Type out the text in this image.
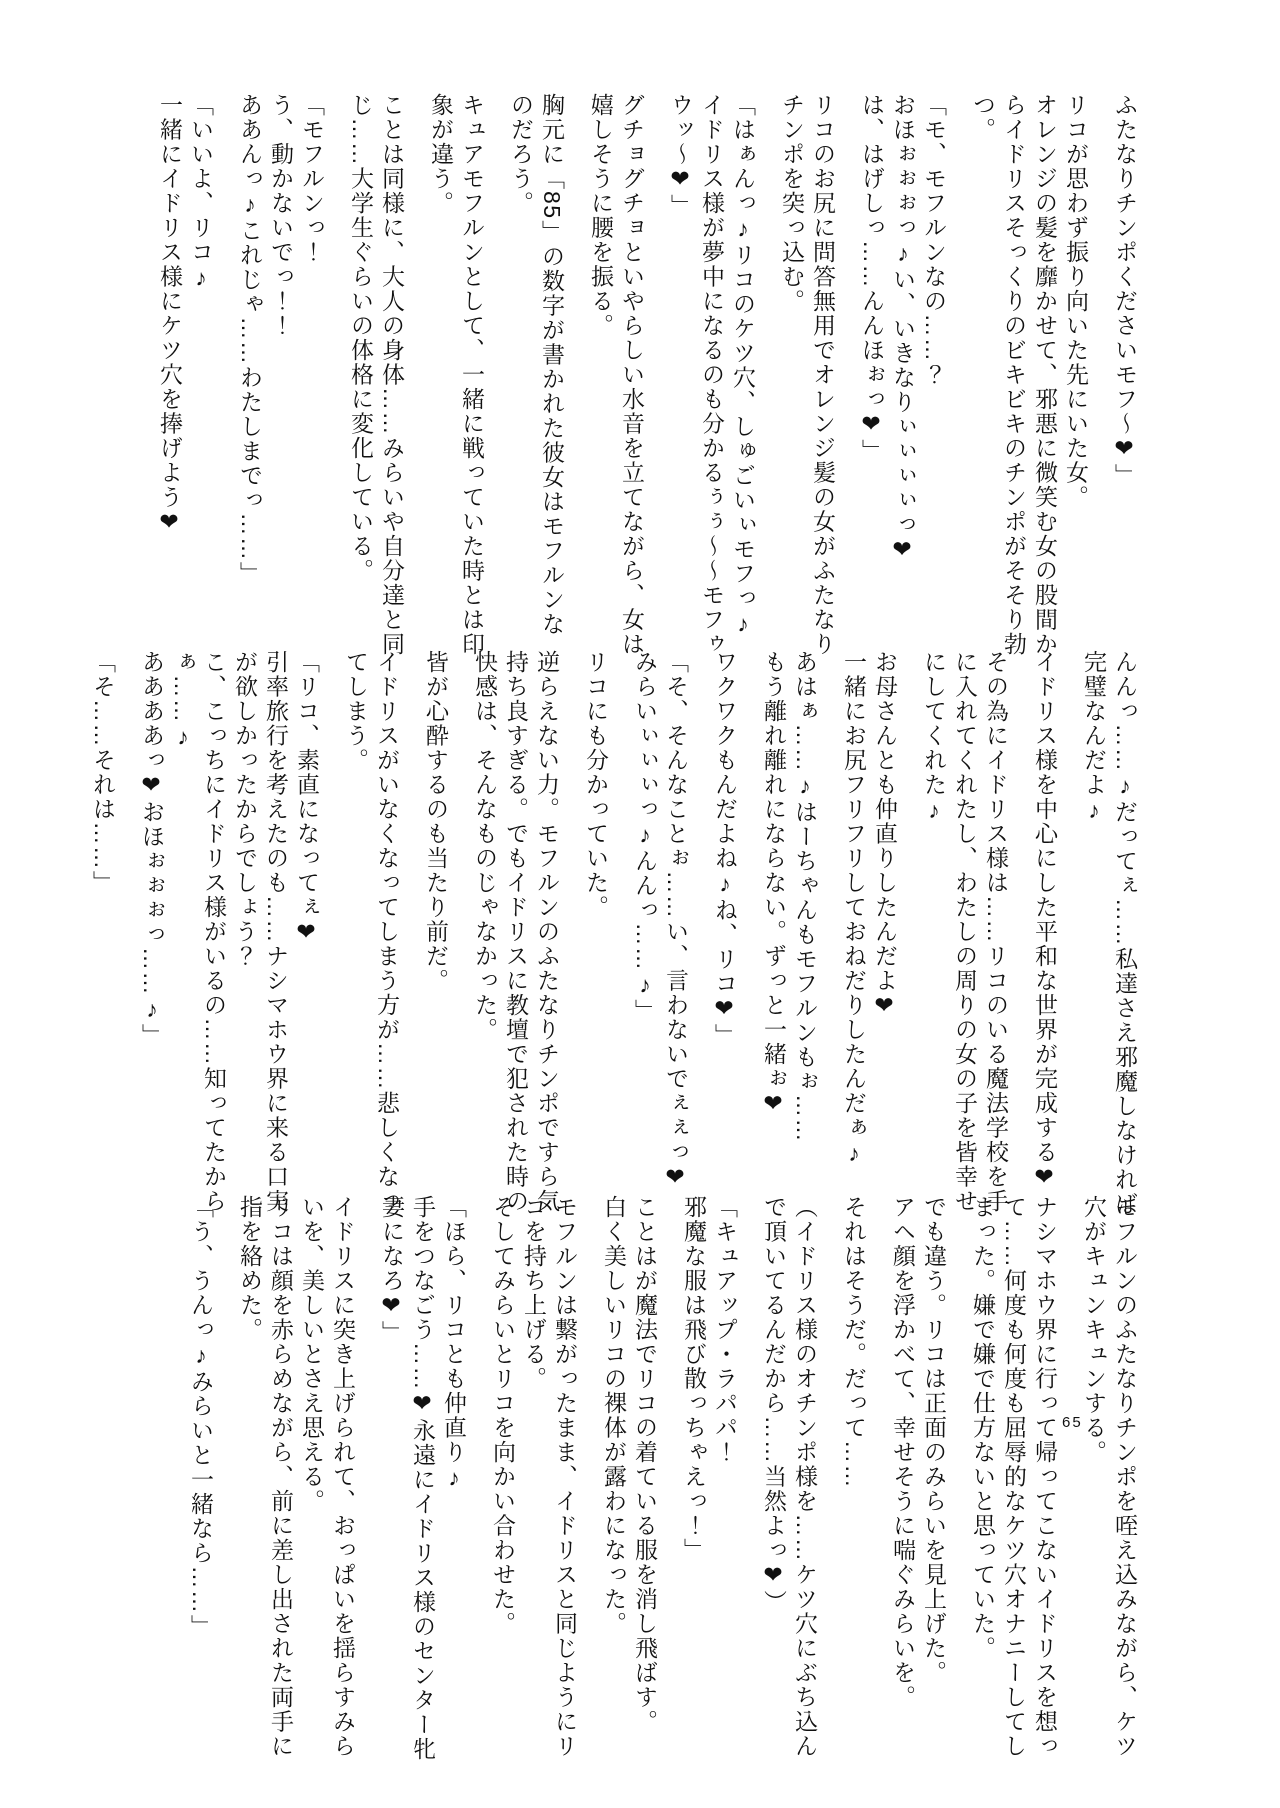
ふたなりチンポくださいモフ～❤」

リコが思わず振り向いた先にいた女。

オレンジの髪を靡かせて、邪悪に微笑む女の股間か

らイドリスそっくりのビキビキのチンポがそそり勃

つ。

「モ、モフルンなの……？

おほぉぉぉっ♪い、いきなりぃぃぃぃっ❤

は、はげしっ……んんほぉっ❤」

リコのお尻に問答無用でオレンジ髪の女がふたなり

チンポを突っ込む。

「はぁんっ♪リコのケツ穴、しゅごいぃモフっ♪

イドリス様が夢中になるのも分かるぅぅ～～モフゥ

ウッ～❤」

グチョグチョといやらしい水音を立てながら、女は

嬉しそうに腰を振る。

胸元に「85」の数字が書かれた彼女はモフルンな

のだろう。

キュアモフルンとして、一緒に戦っていた時とは印

象が違う。

ことは同様に、大人の身体……みらいや自分達と同

じ……大学生ぐらいの体格に変化している。

「モフルンっ！

う、動かないでっ！！

ああんっ♪これじゃ……わたしまでっ……」

「いいよ、リコ♪

一緒にイドリス様にケツ穴を捧げよう❤

んんっ……♪だってぇ……私達さえ邪魔しなければ

完璧なんだよ♪

イドリス様を中心にした平和な世界が完成する❤

その為にイドリス様は……リコのいる魔法学校を手

に入れてくれたし、わたしの周りの女の子を皆幸せ

にしてくれた♪

お母さんとも仲直りしたんだよ❤

一緒にお尻フリフリしておねだりしたんだぁ♪

あはぁ……♪はーちゃんもモフルンもぉ……

もう離れ離れにならない。ずっと一緒ぉ❤

ワクワクもんだよね♪ね、リコ❤」

「そ、そんなことぉ……い、言わないでぇぇっ❤

みらいぃぃぃっ♪んんっ……♪」

リコにも分かっていた。

逆らえない力。モフルンのふたなりチンポですら気

持ち良すぎる。でもイドリスに教壇で犯された時の

快感は、そんなものじゃなかった。

皆が心酔するのも当たり前だ。

イドリスがいなくなってしまう方が……悲しくなっ

てしまう。

「リコ、素直になってぇ❤

引率旅行を考えたのも……ナシマホウ界に来る口実

が欲しかったからでしょう？

こ、こっちにイドリス様がいるの……知ってたから

ぁ……♪

ああああっ❤おほぉぉぉっ……♪」

「そ……それは……」

モフルンのふたなりチンポを咥え込みながら、ケツ

穴がキュンキュンする。

ナシマホウ界に行って帰ってこないイドリスを想っ

て……何度も何度も屈辱的なケツ穴オナニーしてし

まった。嫌で嫌で仕方ないと思っていた。

でも違う。リコは正面のみらいを見上げた。

アヘ顔を浮かべて、幸せそうに喘ぐみらいを。

それはそうだ。だって……

（イドリス様のオチンポ様を……ケツ穴にぶち込ん

で頂いてるんだから……当然よっ❤）

「キュアップ・ラパパ！

邪魔な服は飛び散っちゃえっ！」

ことはが魔法でリコの着ている服を消し飛ばす。

白く美しいリコの裸体が露わになった。

モフルンは繋がったまま、イドリスと同じようにリ

コを持ち上げる。

そしてみらいとリコを向かい合わせた。

「ほら、リコとも仲直り♪

手をつなごう……❤永遠にイドリス様のセンター牝

妻になろ❤」

イドリスに突き上げられて、おっぱいを揺らすみら

いを、美しいとさえ思える。

リコは顔を赤らめながら、前に差し出された両手に

指を絡めた。

「う、うんっ♪みらいと一緒なら……」	65
